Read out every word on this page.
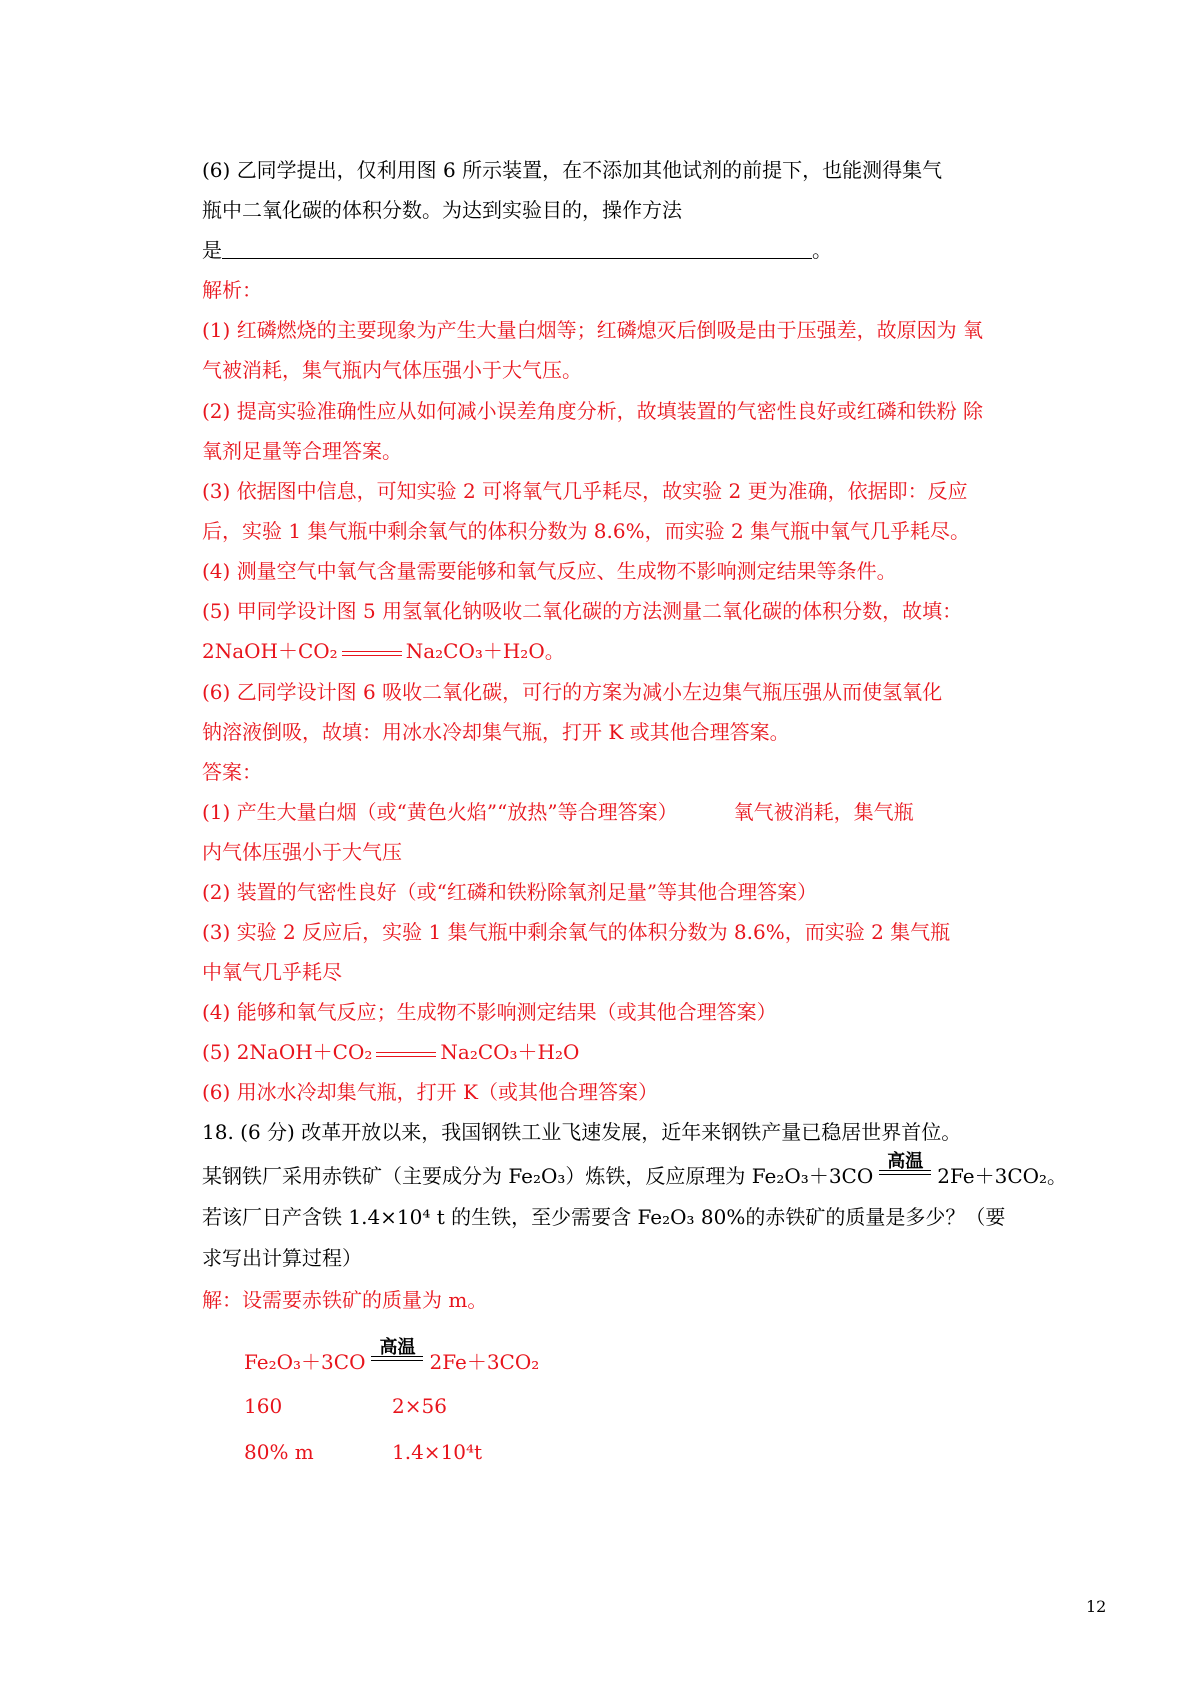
(6) 乙同学提出，仅利用图 6 所示装置，在不添加其他试剂的前提下，也能测得集气
瓶中二氧化碳的体积分数。为达到实验目的，操作方法
是	。
解析：
(1) 红磷燃烧的主要现象为产生大量白烟等；红磷熄灭后倒吸是由于压强差，故原因为 氧
气被消耗，集气瓶内气体压强小于大气压。
(2) 提高实验准确性应从如何减小误差角度分析，故填装置的气密性良好或红磷和铁粉 除
氧剂足量等合理答案。
(3) 依据图中信息，可知实验 2 可将氧气几乎耗尽，故实验 2 更为准确，依据即：反应
后，实验 1 集气瓶中剩余氧气的体积分数为 8.6%，而实验 2 集气瓶中氧气几乎耗尽。
(4) 测量空气中氧气含量需要能够和氧气反应、生成物不影响测定结果等条件。
(5) 甲同学设计图 5 用氢氧化钠吸收二氧化碳的方法测量二氧化碳的体积分数，故填：
2NaOH＋CO₂	Na₂CO₃＋H₂O。
(6) 乙同学设计图 6 吸收二氧化碳，可行的方案为减小左边集气瓶压强从而使氢氧化
钠溶液倒吸，故填：用冰水冷却集气瓶，打开 K 或其他合理答案。
答案：
(1) 产生大量白烟（或“黄色火焰”“放热”等合理答案）	氧气被消耗，集气瓶
内气体压强小于大气压
(2) 装置的气密性良好（或“红磷和铁粉除氧剂足量”等其他合理答案）
(3) 实验 2 反应后，实验 1 集气瓶中剩余氧气的体积分数为 8.6%，而实验 2 集气瓶
中氧气几乎耗尽
(4) 能够和氧气反应；生成物不影响测定结果（或其他合理答案）
(5) 2NaOH＋CO₂	Na₂CO₃＋H₂O
(6) 用冰水冷却集气瓶，打开 K（或其他合理答案）
18. (6 分) 改革开放以来，我国钢铁工业飞速发展，近年来钢铁产量已稳居世界首位。
某钢铁厂采用赤铁矿（主要成分为 Fe₂O₃）炼铁，反应原理为 Fe₂O₃＋3CO
高温
2Fe＋3CO₂。
若该厂日产含铁 1.4×10⁴ t 的生铁，至少需要含 Fe₂O₃ 80%的赤铁矿的质量是多少？（要
求写出计算过程）
解：设需要赤铁矿的质量为 m。
Fe₂O₃＋3CO
高温
2Fe＋3CO₂
160	2×56
80% m	1.4×10⁴t
12
